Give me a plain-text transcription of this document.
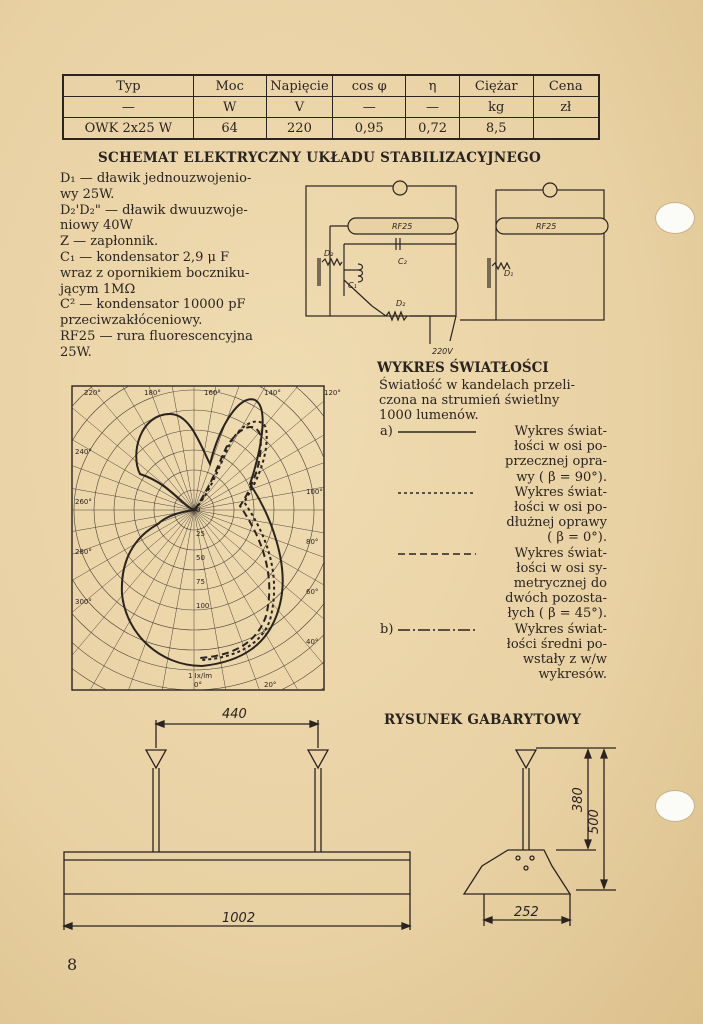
Typ	Moc	Napięcie	cos φ	η	Ciężar	Cena
—	W	V	—	—	kg	zł
OWK 2x25 W	64	220	0,95	0,72	8,5	
SCHEMAT ELEKTRYCZNY UKŁADU STABILIZACYJNEGO
D₁ — dławik jednouzwojenio-
wy 25W.
D₂'D₂" — dławik dwuuzwoje-
niowy 40W
Z — zapłonnik.
C₁ — kondensator 2,9 μ F
wraz z opornikiem boczniku-
jącym 1MΩ
C² — kondensator 10000 pF
przeciwzakłóceniowy.
RF25 — rura fluorescencyjna
25W.
RF25	RF25
D₂
C₁
C₂
D₂
D₁
220V
WYKRES ŚWIATŁOŚCI
Światłość w kandelach przeli-
czona na strumień świetlny
1000 lumenów.
a)	Wykres świat-
łości w osi po-
przecznej opra-
wy ( β = 90°).
Wykres świat-
łości w osi po-
dłużnej oprawy
( β = 0°).
Wykres świat-
łości w osi sy-
metrycznej do
dwóch pozosta-
łych ( β = 45°).
b)	Wykres świat-
łości średni po-
wstały z w/w
wykresów.
220°	180°	160°	140°	120°
240°
260°
280°
300°
100°
80°
60°
40°
0°	20°
0
25
50
75
100
1 Ix/lm
RYSUNEK GABARYTOWY
440
1002	252
380
500
8
